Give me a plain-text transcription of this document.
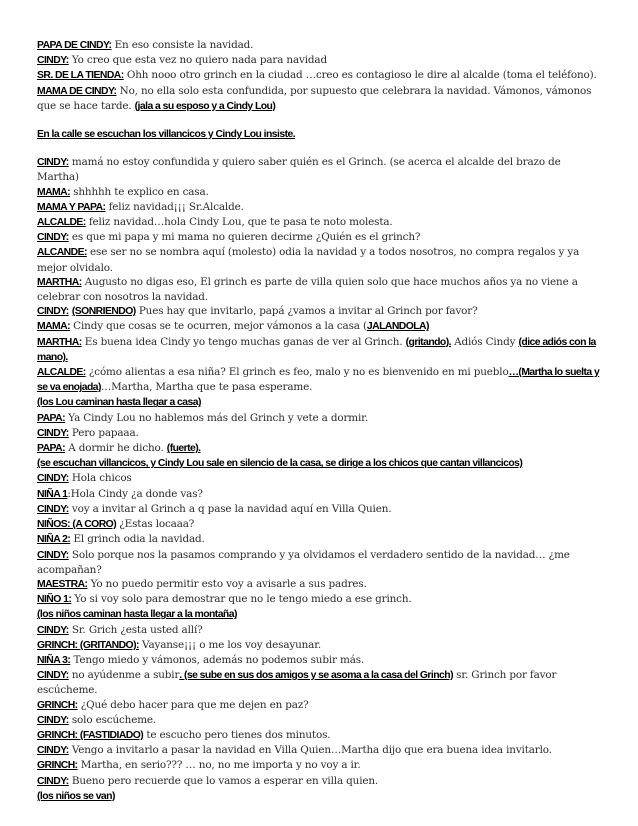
PAPA DE CINDY: En eso consiste la navidad.
CINDY: Yo creo que esta vez no quiero nada para navidad
SR. DE LA TIENDA: Ohh nooo otro grinch en la ciudad …creo es contagioso le dire al alcalde (toma el teléfono).
MAMA DE CINDY: No, no ella solo esta confundida, por supuesto que celebrara la navidad. Vámonos, vámonos que se hace tarde. (jala a su esposo y a Cindy Lou)
En la calle se escuchan los villancicos y Cindy Lou insiste.
CINDY: mamá no estoy confundida y quiero saber quién es el Grinch. (se acerca el alcalde del brazo de Martha)
MAMA: shhhhh te explico en casa.
MAMA Y PAPA: feliz navidad¡¡¡ Sr.Alcalde.
ALCALDE: feliz navidad…hola Cindy Lou, que te pasa te noto molesta.
CINDY: es que mi papa y mi mama no quieren decirme ¿Quién es el grinch?
ALCANDE: ese ser no se nombra aquí (molesto) odia la navidad y a todos nosotros, no compra regalos y ya mejor olvidalo.
MARTHA: Augusto no digas eso, El grinch es parte de villa quien solo que hace muchos años ya no viene a celebrar con nosotros la navidad.
CINDY: (SONRIENDO) Pues hay que invitarlo, papá ¿vamos a invitar al Grinch por favor?
MAMA: Cindy que cosas se te ocurren, mejor vámonos a la casa (JALANDOLA)
MARTHA: Es buena idea Cindy yo tengo muchas ganas de ver al Grinch. (gritando). Adiós Cindy (dice adiós con la mano).
ALCALDE: ¿cómo alientas a esa niña? El grinch es feo, malo y no es bienvenido en mi pueblo…(Martha lo suelta y se va enojada)…Martha, Martha que te pasa esperame.
(los Lou caminan hasta llegar a casa)
PAPA: Ya Cindy Lou no hablemos más del Grinch y vete a dormir.
CINDY: Pero papaaa.
PAPA: A dormir he dicho. (fuerte).
(se escuchan villancicos, y Cindy Lou sale en silencio de la casa, se dirige a los chicos que cantan villancicos)
CINDY: Hola chicos
NIÑA 1:Hola Cindy ¿a donde vas?
CINDY: voy a invitar al Grinch a q pase la navidad aquí en Villa Quien.
NIÑOS: (A CORO) ¿Estas locaaa?
NIÑA 2: El grinch odia la navidad.
CINDY: Solo porque nos la pasamos comprando y ya olvidamos el verdadero sentido de la navidad… ¿me acompañan?
MAESTRA: Yo no puedo permitir esto voy a avisarle a sus padres.
NIÑO 1: Yo si voy solo para demostrar que no le tengo miedo a ese grinch.
(los niños caminan hasta llegar a la montaña)
CINDY: Sr. Grich ¿esta usted allí?
GRINCH: (GRITANDO): Vayanse¡¡¡ o me los voy desayunar.
NIÑA 3: Tengo miedo y vámonos, además no podemos subir más.
CINDY: no ayúdenme a subir. (se sube en sus dos amigos y se asoma a la casa del Grinch) sr. Grinch por favor escúcheme.
GRINCH: ¿Qué debo hacer para que me dejen en paz?
CINDY: solo escúcheme.
GRINCH: (FASTIDIADO) te escucho pero tienes dos minutos.
CINDY: Vengo a invitarlo a pasar la navidad en Villa Quien…Martha dijo que era buena idea invitarlo.
GRINCH: Martha, en serio??? … no, no me importa y no voy a ir.
CINDY: Bueno pero recuerde que lo vamos a esperar en villa quien.
(los niños se van)
